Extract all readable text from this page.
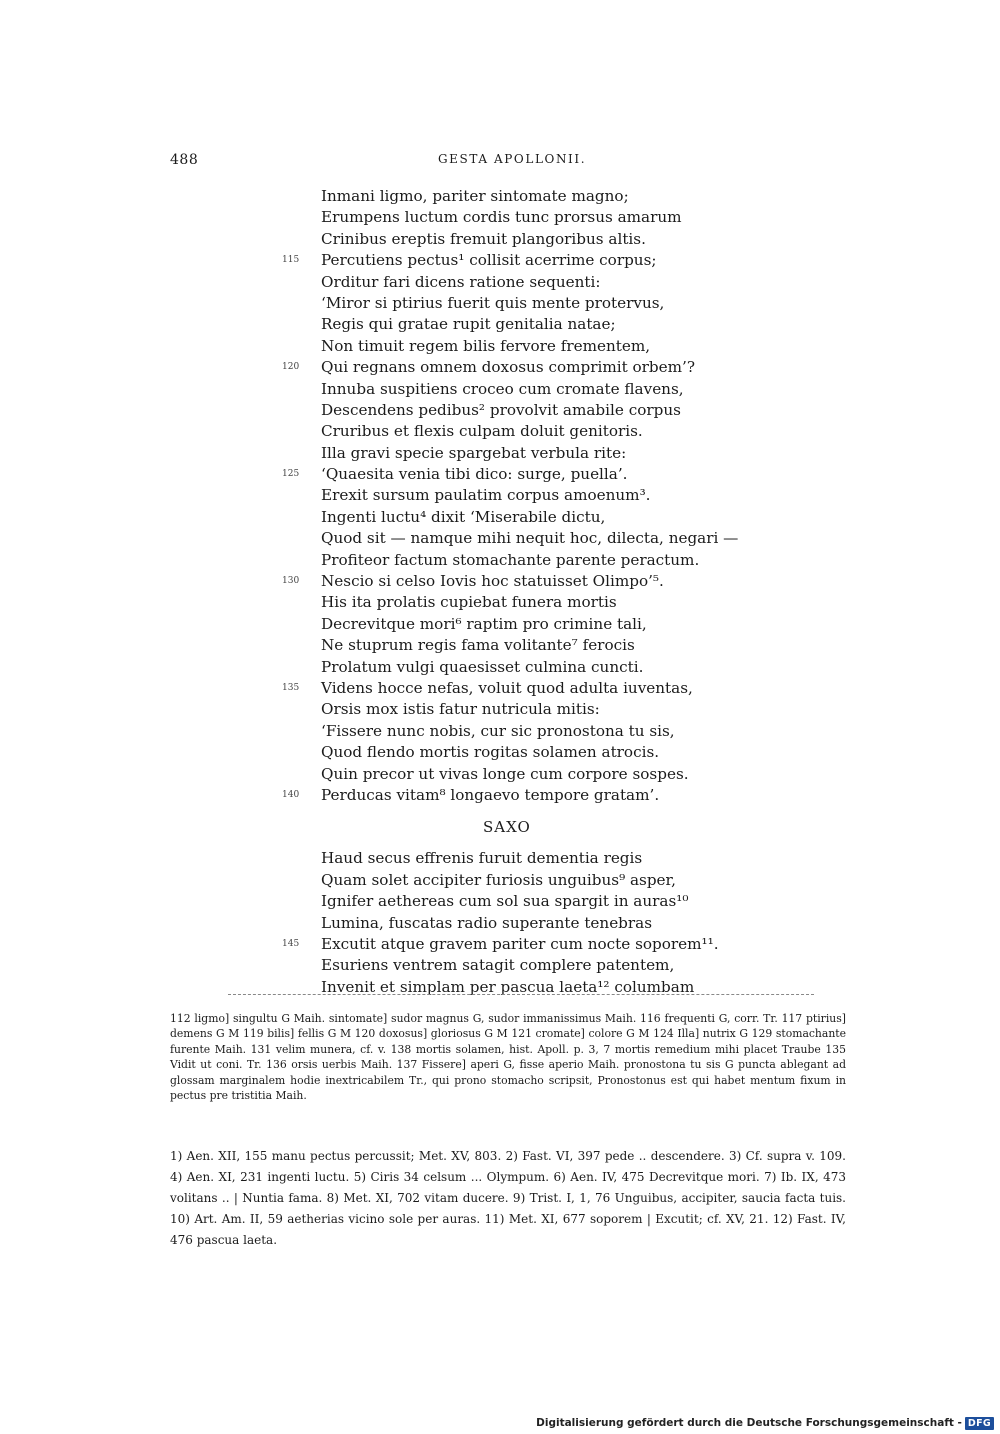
488	GESTA APOLLONII.
Inmani ligmo, pariter sintomate magno;
Erumpens luctum cordis tunc prorsus amarum
Crinibus ereptis fremuit plangoribus altis.
115	Percutiens pectus¹ collisit acerrime corpus;
Orditur fari dicens ratione sequenti:
‘Miror si ptirius fuerit quis mente protervus,
Regis qui gratae rupit genitalia natae;
Non timuit regem bilis fervore frementem,
120	Qui regnans omnem doxosus comprimit orbem’?
Innuba suspitiens croceo cum cromate flavens,
Descendens pedibus² provolvit amabile corpus
Cruribus et flexis culpam doluit genitoris.
Illa gravi specie spargebat verbula rite:
125	‘Quaesita venia tibi dico: surge, puella’.
Erexit sursum paulatim corpus amoenum³.
Ingenti luctu⁴ dixit ‘Miserabile dictu,
Quod sit — namque mihi nequit hoc, dilecta, negari —
Profiteor factum stomachante parente peractum.
130	Nescio si celso Iovis hoc statuisset Olimpo’⁵.
His ita prolatis cupiebat funera mortis
Decrevitque mori⁶ raptim pro crimine tali,
Ne stuprum regis fama volitante⁷ ferocis
Prolatum vulgi quaesisset culmina cuncti.
135	Videns hocce nefas, voluit quod adulta iuventas,
Orsis mox istis fatur nutricula mitis:
‘Fissere nunc nobis, cur sic pronostona tu sis,
Quod flendo mortis rogitas solamen atrocis.
Quin precor ut vivas longe cum corpore sospes.
140	Perducas vitam⁸ longaevo tempore gratam’.
SAXO
Haud secus effrenis furuit dementia regis
Quam solet accipiter furiosis unguibus⁹ asper,
Ignifer aethereas cum sol sua spargit in auras¹⁰
Lumina, fuscatas radio superante tenebras
145	Excutit atque gravem pariter cum nocte soporem¹¹.
Esuriens ventrem satagit complere patentem,
Invenit et simplam per pascua laeta¹² columbam

112 ligmo] singultu G Maih. sintomate] sudor magnus G, sudor immanissimus Maih. 116 frequenti G, corr. Tr. 117 ptirius] demens G M 119 bilis] fellis G M 120 doxosus] gloriosus G M 121 cromate] colore G M 124 Illa] nutrix G 129 stomachante furente Maih. 131 velim munera, cf. v. 138 mortis solamen, hist. Apoll. p. 3, 7 mortis remedium mihi placet Traube 135 Vidit ut coni. Tr. 136 orsis uerbis Maih. 137 Fissere] aperi G, fisse aperio Maih. pronostona tu sis G puncta ablegant ad glossam marginalem hodie inextricabilem Tr., qui prono stomacho scripsit, Pronostonus est qui habet mentum fixum in pectus pre tristitia Maih.

1) Aen. XII, 155 manu pectus percussit; Met. XV, 803. 2) Fast. VI, 397 pede .. descendere. 3) Cf. supra v. 109. 4) Aen. XI, 231 ingenti luctu. 5) Ciris 34 celsum ... Olympum. 6) Aen. IV, 475 Decrevitque mori. 7) Ib. IX, 473 volitans .. | Nuntia fama. 8) Met. XI, 702 vitam ducere. 9) Trist. I, 1, 76 Unguibus, accipiter, saucia facta tuis. 10) Art. Am. II, 59 aetherias vicino sole per auras. 11) Met. XI, 677 soporem | Excutit; cf. XV, 21. 12) Fast. IV, 476 pascua laeta.

Digitalisierung gefördert durch die Deutsche Forschungsgemeinschaft - DFG
